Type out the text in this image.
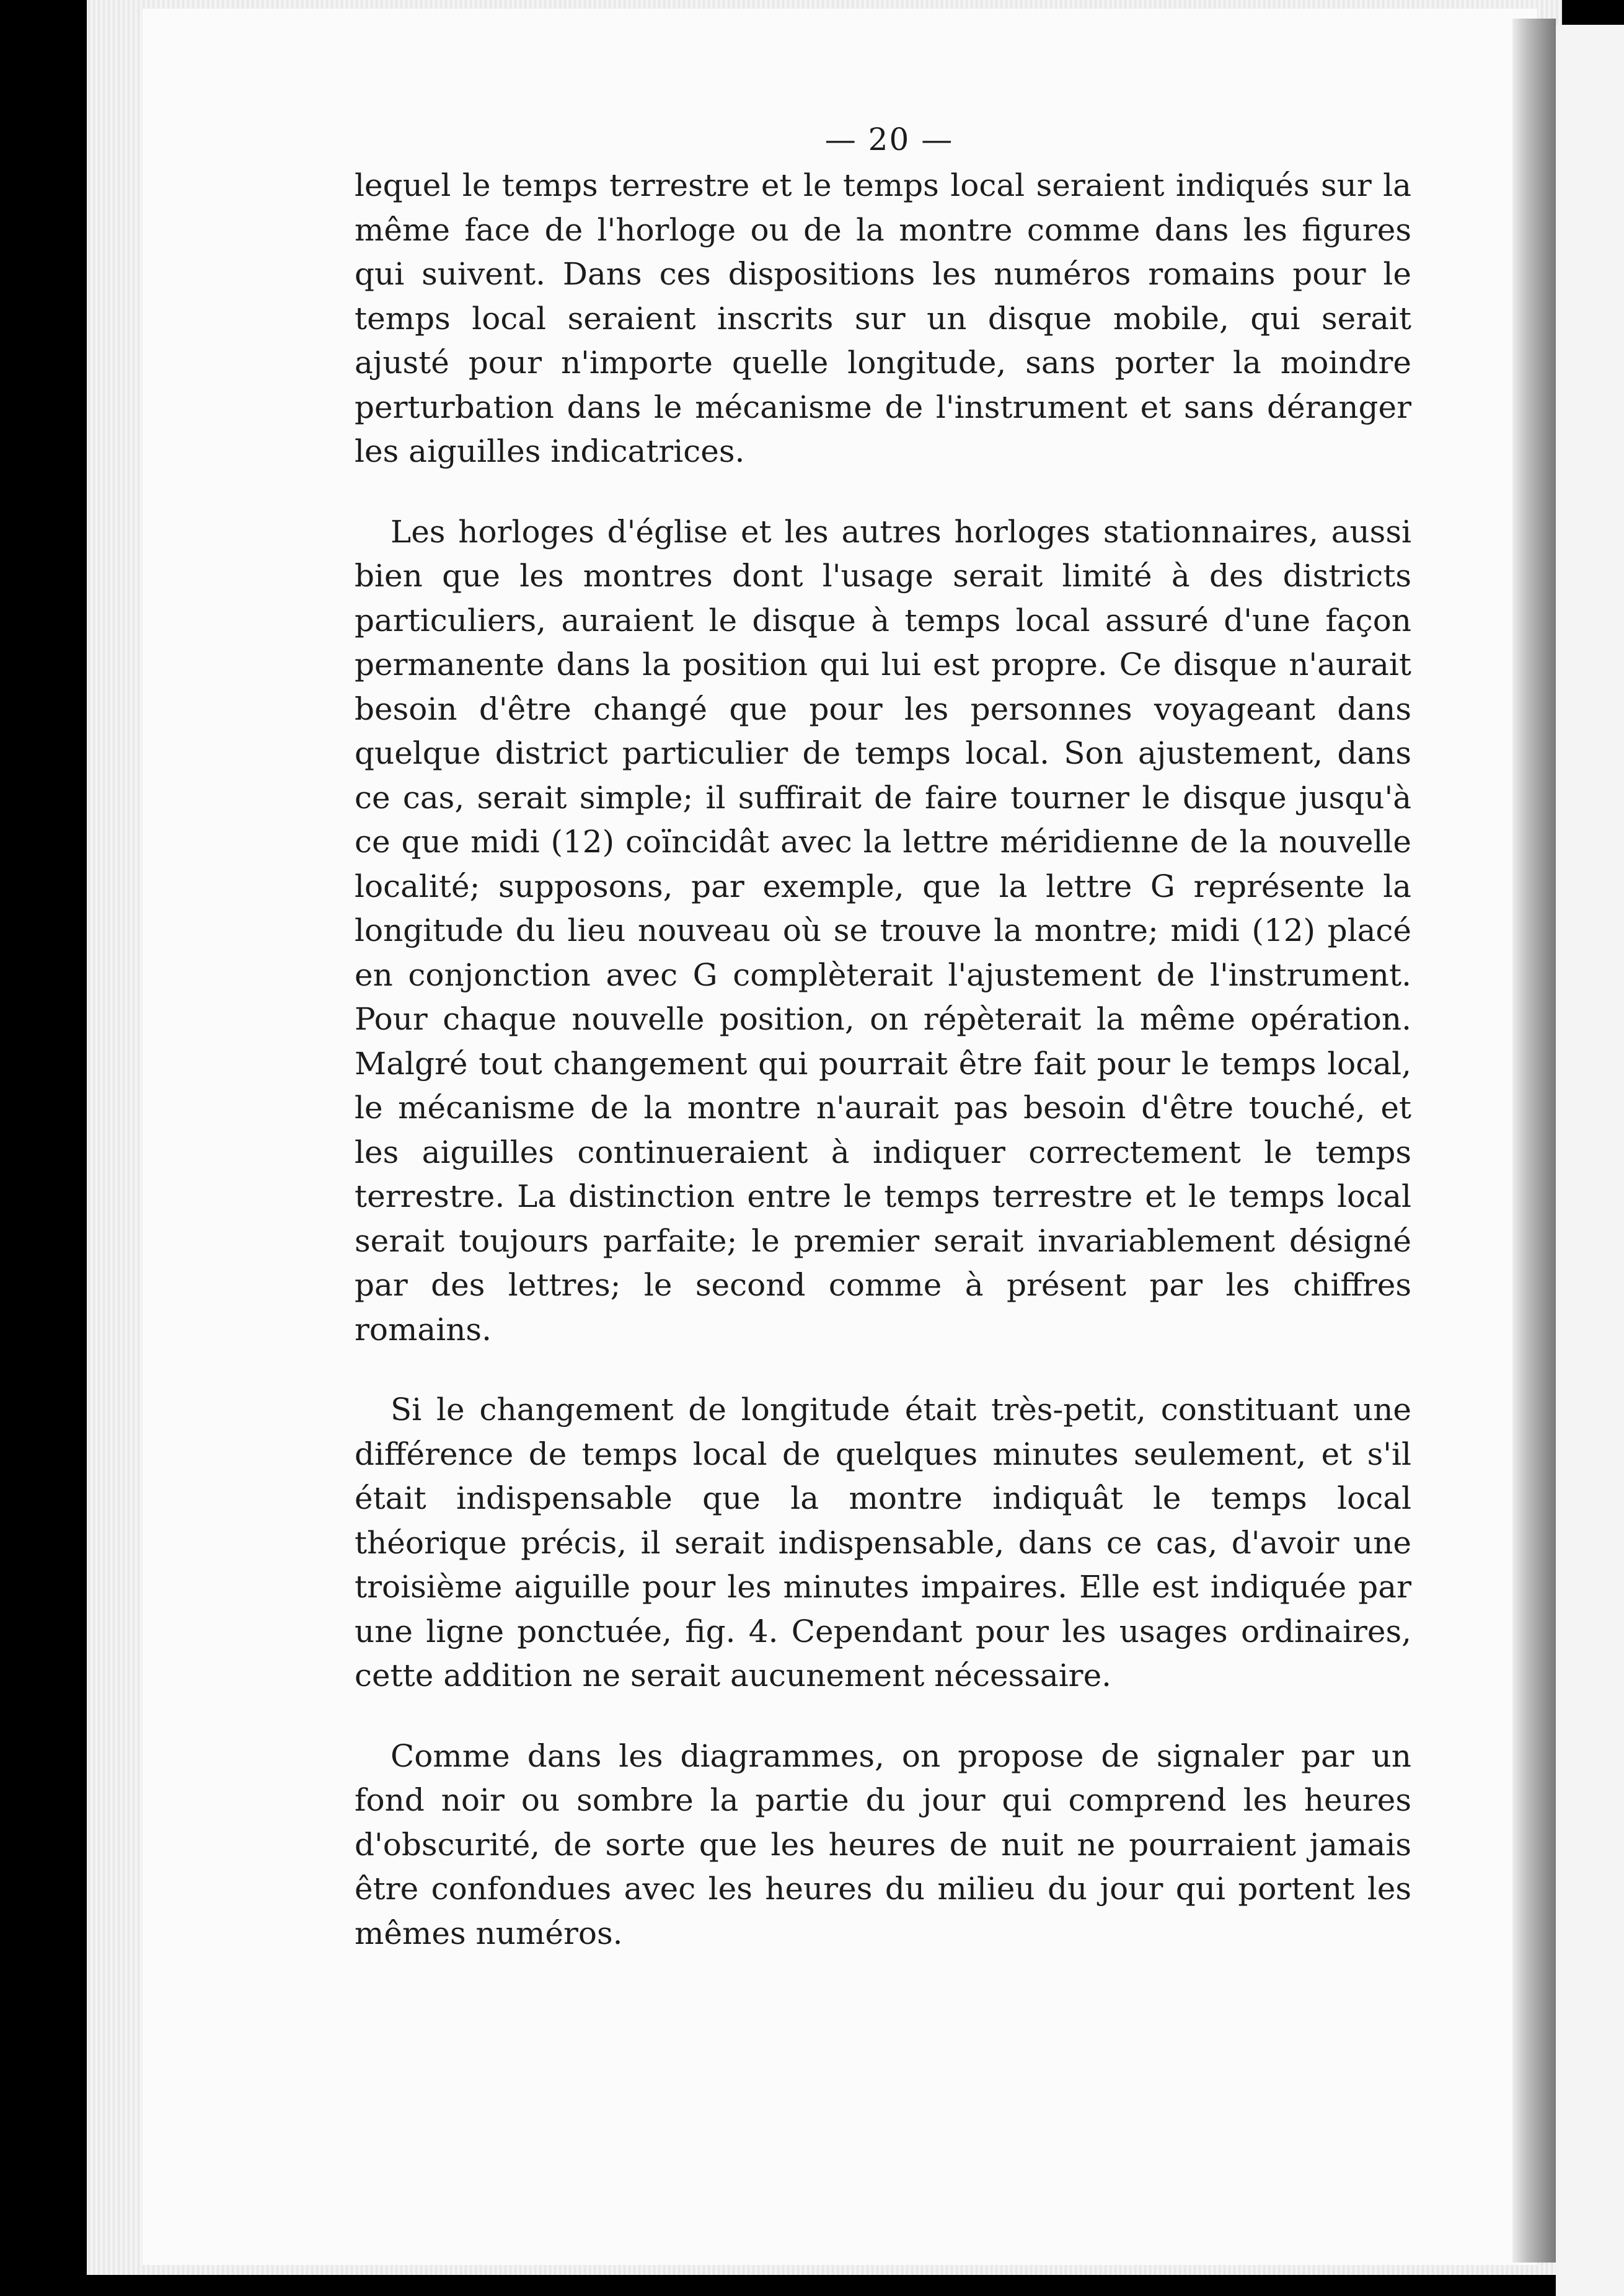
— 20 —

lequel le temps terrestre et le temps local seraient indiqués sur la même face de l'horloge ou de la montre comme dans les figures qui suivent. Dans ces dispositions les numéros romains pour le temps local seraient inscrits sur un disque mobile, qui serait ajusté pour n'importe quelle longitude, sans porter la moindre perturbation dans le mécanisme de l'instrument et sans déranger les aiguilles indicatrices.

Les horloges d'église et les autres horloges stationnaires, aussi bien que les montres dont l'usage serait limité à des districts particuliers, auraient le disque à temps local assuré d'une façon permanente dans la position qui lui est propre. Ce disque n'aurait besoin d'être changé que pour les personnes voyageant dans quelque district particulier de temps local. Son ajustement, dans ce cas, serait simple; il suffirait de faire tourner le disque jusqu'à ce que midi (12) coïncidât avec la lettre méridienne de la nouvelle localité; supposons, par exemple, que la lettre G représente la longitude du lieu nouveau où se trouve la montre; midi (12) placé en conjonction avec G complèterait l'ajustement de l'instrument. Pour chaque nouvelle position, on répèterait la même opération. Malgré tout changement qui pourrait être fait pour le temps local, le mécanisme de la montre n'aurait pas besoin d'être touché, et les aiguilles continueraient à indiquer correctement le temps terrestre. La distinction entre le temps terrestre et le temps local serait toujours parfaite; le premier serait invariablement désigné par des lettres; le second comme à présent par les chiffres romains.

Si le changement de longitude était très-petit, constituant une différence de temps local de quelques minutes seulement, et s'il était indispensable que la montre indiquât le temps local théorique précis, il serait indispensable, dans ce cas, d'avoir une troisième aiguille pour les minutes impaires. Elle est indiquée par une ligne ponctuée, fig. 4. Cependant pour les usages ordinaires, cette addition ne serait aucunement nécessaire.

Comme dans les diagrammes, on propose de signaler par un fond noir ou sombre la partie du jour qui comprend les heures d'obscurité, de sorte que les heures de nuit ne pourraient jamais être confondues avec les heures du milieu du jour qui portent les mêmes numéros.
